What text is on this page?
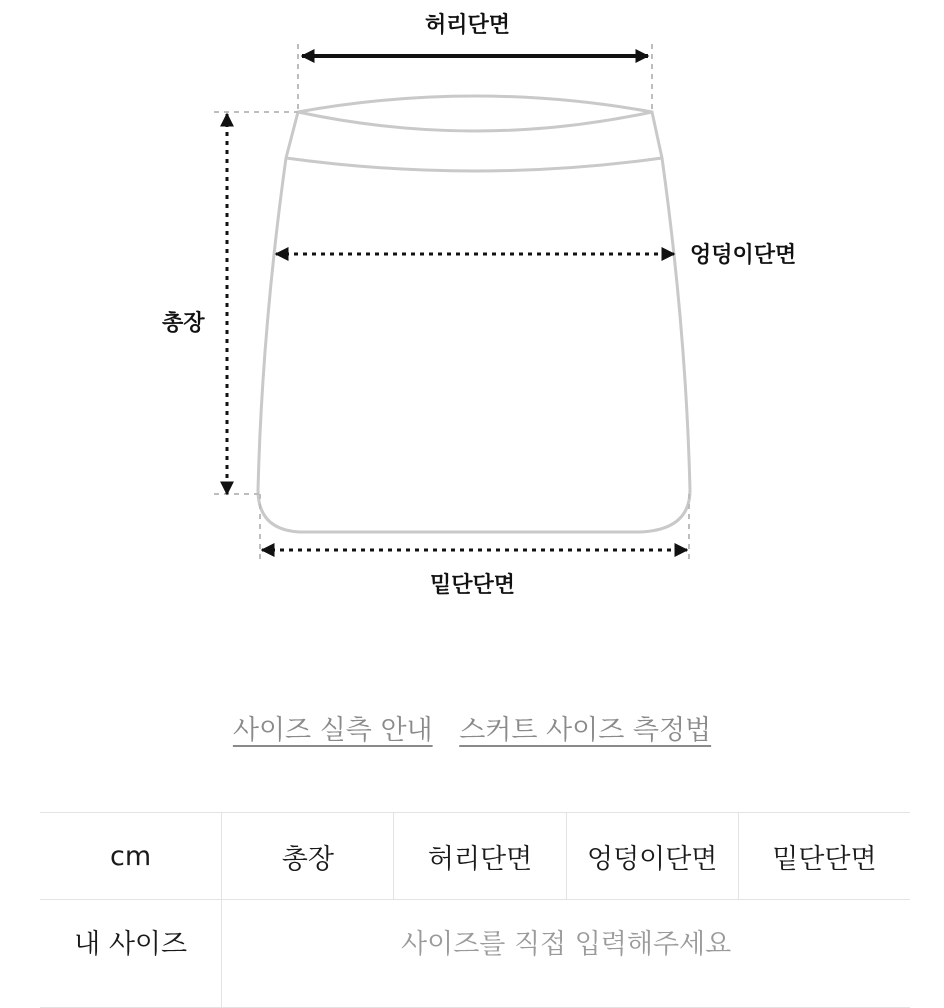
허리단면
엉덩이단면
총장
밑단단면
사이즈 실측 안내 스커트 사이즈 측정법
cm	총장	허리단면	엉덩이단면	밑단단면
내 사이즈	사이즈를 직접 입력해주세요			
